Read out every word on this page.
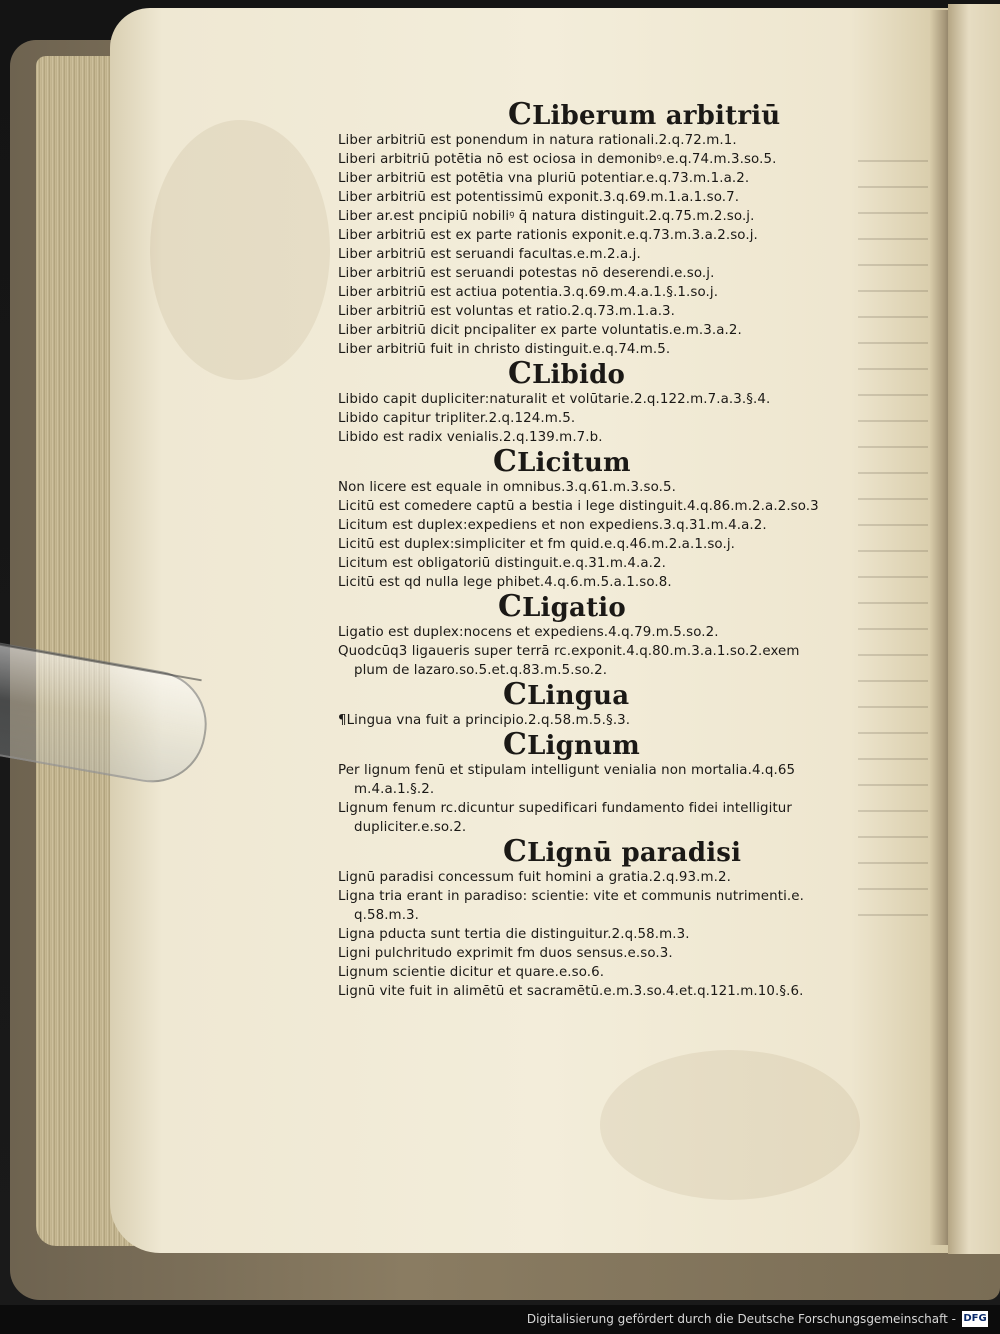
CLiberum arbitriū
Liber arbitriū est ponendum in natura rationali.2.q.72.m.1.
Liberi arbitriū potētia nō est ociosa in demonibꝰ.e.q.74.m.3.so.5.
Liber arbitriū est potētia vna pluriū potentiar.e.q.73.m.1.a.2.
Liber arbitriū est potentissimū exponit.3.q.69.m.1.a.1.so.7.
Liber ar.est pncipiū nobiliꝰ q̄ natura distinguit.2.q.75.m.2.so.j.
Liber arbitriū est ex parte rationis exponit.e.q.73.m.3.a.2.so.j.
Liber arbitriū est seruandi facultas.e.m.2.a.j.
Liber arbitriū est seruandi potestas nō deserendi.e.so.j.
Liber arbitriū est actiua potentia.3.q.69.m.4.a.1.§.1.so.j.
Liber arbitriū est voluntas et ratio.2.q.73.m.1.a.3.
Liber arbitriū dicit pncipaliter ex parte voluntatis.e.m.3.a.2.
Liber arbitriū fuit in christo distinguit.e.q.74.m.5.
CLibido
Libido capit dupliciter:naturalit et volūtarie.2.q.122.m.7.a.3.§.4.
Libido capitur tripliter.2.q.124.m.5.
Libido est radix venialis.2.q.139.m.7.b.
CLicitum
Non licere est equale in omnibus.3.q.61.m.3.so.5.
Licitū est comedere captū a bestia i lege distinguit.4.q.86.m.2.a.2.so.3
Licitum est duplex:expediens et non expediens.3.q.31.m.4.a.2.
Licitū est duplex:simpliciter et fm quid.e.q.46.m.2.a.1.so.j.
Licitum est obligatoriū distinguit.e.q.31.m.4.a.2.
Licitū est qd nulla lege phibet.4.q.6.m.5.a.1.so.8.
CLigatio
Ligatio est duplex:nocens et expediens.4.q.79.m.5.so.2.
Quodcūq3 ligaueris super terrā rc.exponit.4.q.80.m.3.a.1.so.2.exem
plum de lazaro.so.5.et.q.83.m.5.so.2.
CLingua
¶Lingua vna fuit a principio.2.q.58.m.5.§.3.
CLignum
Per lignum fenū et stipulam intelligunt venialia non mortalia.4.q.65
m.4.a.1.§.2.
Lignum fenum rc.dicuntur supedificari fundamento fidei intelligitur
dupliciter.e.so.2.
CLignū paradisi
Lignū paradisi concessum fuit homini a gratia.2.q.93.m.2.
Ligna tria erant in paradiso: scientie: vite et communis nutrimenti.e.
q.58.m.3.
Ligna pducta sunt tertia die distinguitur.2.q.58.m.3.
Ligni pulchritudo exprimit fm duos sensus.e.so.3.
Lignum scientie dicitur et quare.e.so.6.
Lignū vite fuit in alimētū et sacramētū.e.m.3.so.4.et.q.121.m.10.§.6.
Digitalisierung gefördert durch die Deutsche Forschungsgemeinschaft - DFG
